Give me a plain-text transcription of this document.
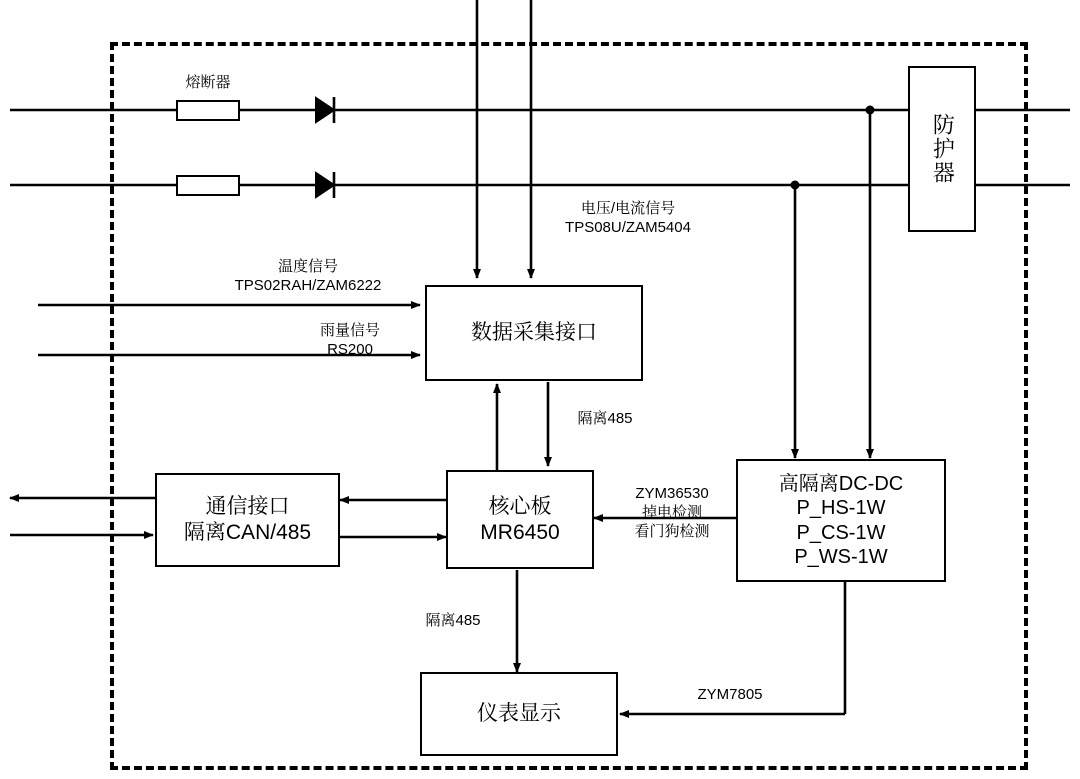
熔断器
电压/电流信号
TPS08U/ZAM5404
温度信号
TPS02RAH/ZAM6222
雨量信号
RS200
隔离485
隔离485
ZYM36530
掉电检测
看门狗检测
ZYM7805
防护器
数据采集接口
通信接口
隔离CAN/485
核心板
MR6450
高隔离DC-DC
P_HS-1W
P_CS-1W
P_WS-1W
仪表显示
